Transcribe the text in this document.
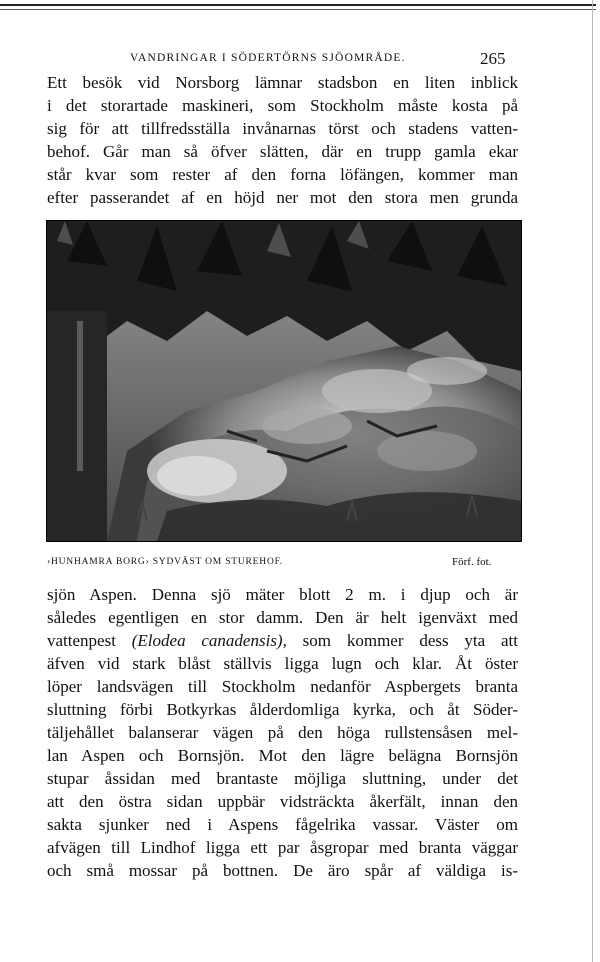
VANDRINGAR I SÖDERTÖRNS SJÖOMRÅDE.	265
Ett besök vid Norsborg lämnar stadsbon en liten inblick
i det storartade maskineri, som Stockholm måste kosta på
sig för att tillfredsställa invånarnas törst och stadens vatten-
behof. Går man så öfver slätten, där en trupp gamla ekar
står kvar som rester af den forna löfängen, kommer man
efter passerandet af en höjd ner mot den stora men grunda
›HUNHAMRA BORG› SYDVÄST OM STUREHOF.	Förf. fot.
sjön Aspen. Denna sjö mäter blott 2 m. i djup och är
således egentligen en stor damm. Den är helt igenväxt med
vattenpest (Elodea canadensis), som kommer dess yta att
äfven vid stark blåst ställvis ligga lugn och klar. Åt öster
löper landsvägen till Stockholm nedanför Aspbergets branta
sluttning förbi Botkyrkas ålderdomliga kyrka, och åt Söder-
täljehållet balanserar vägen på den höga rullstensåsen mel-
lan Aspen och Bornsjön. Mot den lägre belägna Bornsjön
stupar åssidan med brantaste möjliga sluttning, under det
att den östra sidan uppbär vidsträckta åkerfält, innan den
sakta sjunker ned i Aspens fågelrika vassar. Väster om
afvägen till Lindhof ligga ett par åsgropar med branta väggar
och små mossar på bottnen. De äro spår af väldiga is-
